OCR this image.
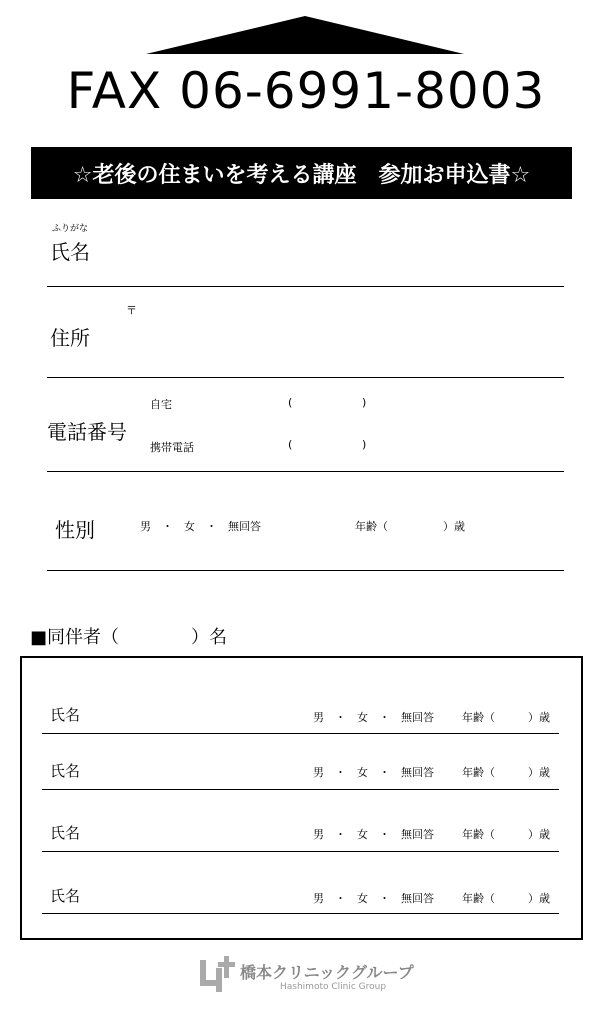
FAX 06-6991-8003
☆老後の住まいを考える講座　参加お申込書☆
ふりがな
氏名
〒
住所
電話番号
自宅	(	)
携帯電話	(	)
性別	男　・　女　・　無回答	年齢（　　　　　）歳
■同伴者（　　　　）名
氏名	男　・　女　・　無回答	年齢（　　　）歳
氏名	男　・　女　・　無回答	年齢（　　　）歳
氏名	男　・　女　・　無回答	年齢（　　　）歳
氏名	男　・　女　・　無回答	年齢（　　　）歳
橋本クリニックグループ
Hashimoto Clinic Group
